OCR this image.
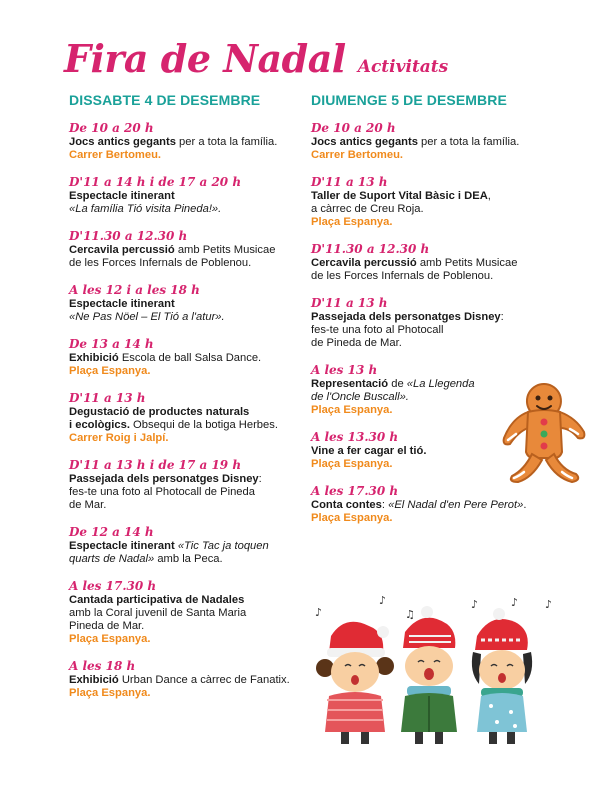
Fira de Nadal Activitats
DISSABTE 4 DE DESEMBRE
De 10 a 20 h
Jocs antics gegants per a tota la família.
Carrer Bertomeu.
D'11 a 14 h i de 17 a 20 h
Espectacle itinerant
«La família Tió visita Pineda!».
D'11.30 a 12.30 h
Cercavila percussió amb Petits Musicae
de les Forces Infernals de Poblenou.
A les 12 i a les 18 h
Espectacle itinerant
«Ne Pas Nöel – El Tió a l'atur».
De 13 a 14 h
Exhibició Escola de ball Salsa Dance.
Plaça Espanya.
D'11 a 13 h
Degustació de productes naturals
i ecològics. Obsequi de la botiga Herbes.
Carrer Roig i Jalpí.
D'11 a 13 h i de 17 a 19 h
Passejada dels personatges Disney:
fes-te una foto al Photocall de Pineda
de Mar.
De 12 a 14 h
Espectacle itinerant «Tic Tac ja toquen
quarts de Nadal» amb la Peca.
A les 17.30 h
Cantada participativa de Nadales
amb la Coral juvenil de Santa Maria
Pineda de Mar.
Plaça Espanya.
A les 18 h
Exhibició Urban Dance a càrrec de Fanatix.
Plaça Espanya.
DIUMENGE 5 DE DESEMBRE
De 10 a 20 h
Jocs antics gegants per a tota la família.
Carrer Bertomeu.
D'11 a 13 h
Taller de Suport Vital Bàsic i DEA,
a càrrec de Creu Roja.
Plaça Espanya.
D'11.30 a 12.30 h
Cercavila percussió amb Petits Musicae
de les Forces Infernals de Poblenou.
D'11 a 13 h
Passejada dels personatges Disney:
fes-te una foto al Photocall
de Pineda de Mar.
A les 13 h
Representació de «La Llegenda
de l'Oncle Buscall».
Plaça Espanya.
A les 13.30 h
Vine a fer cagar el tió.
Plaça Espanya.
A les 17.30 h
Conta contes: «El Nadal d'en Pere Perot».
Plaça Espanya.
♪
♪
♫
♪	♪ ♪
